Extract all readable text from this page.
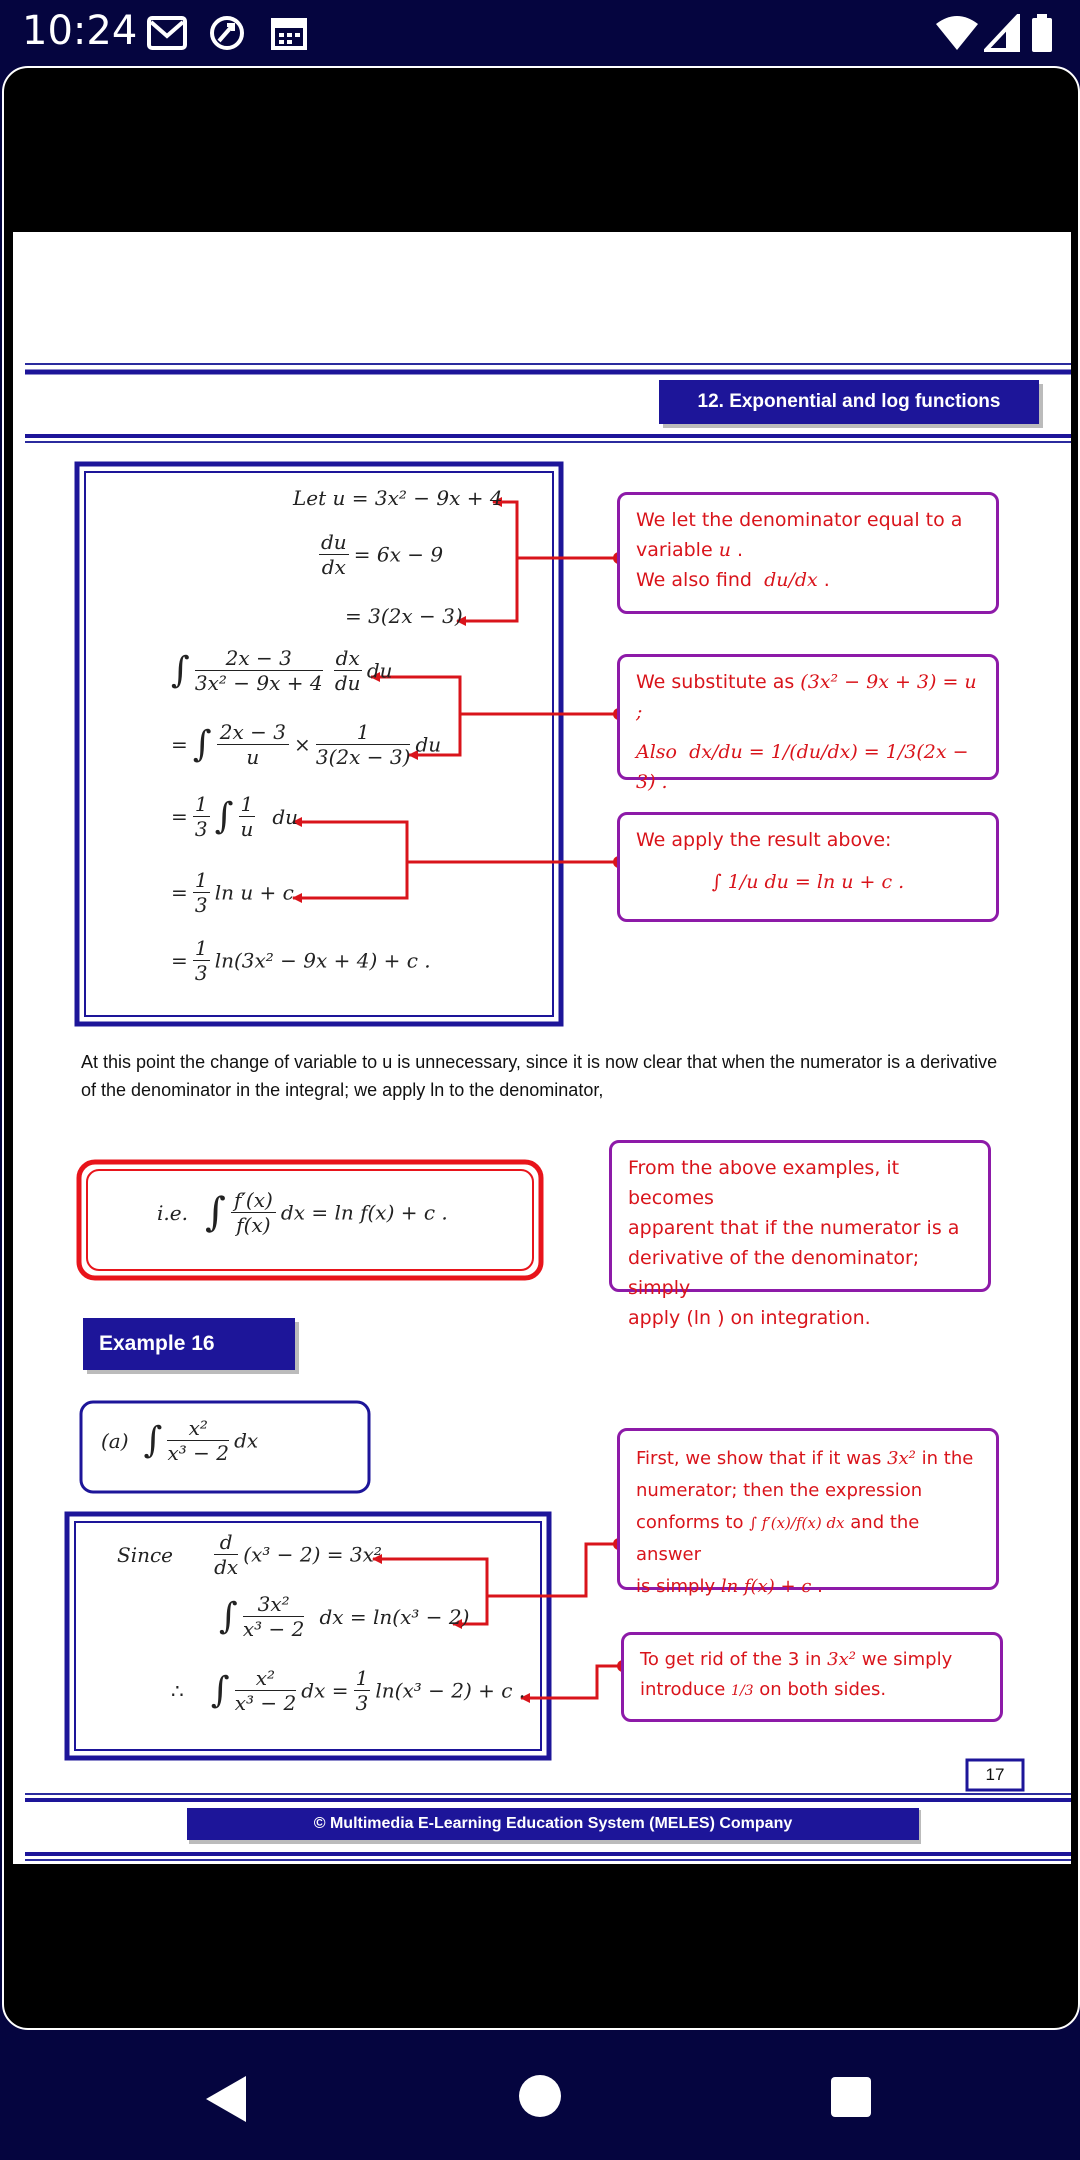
10:24
12. Exponential and log functions
Let u = 3x² − 9x + 4
$\frac{du}{dx} = 6x - 9$
= 3(2x − 3)
∫ $\frac{2x - 3}{\text{3x² − 9x + 4}}$
$\frac{dx}{du}$ du
= ∫ $\frac{2x - 3}{u} \times \frac{1}{3(2x - 3)}$ du
= $\frac{1}{3}$ ∫ $\frac{1}{u}$ du
= $\frac{1}{3}$ ln u + c
= $\frac{1}{3} \ln(3x^2 - 9x + 4) + c$ .
We let the denominator equal to a
variable u .
We also find du/dx .
We substitute as (3x² − 9x + 3) = u ;
Also dx/du = 1/(du/dx) = 1/3(2x − 3) .
We apply the result above:
∫ 1/u du = ln u + c .
At this point the change of variable to u is unnecessary, since it is now clear that when the numerator is a derivative of the denominator in the integral; we apply ln to the denominator,
i.e. ∫ $\frac{f'(x)}{f(x)}$ dx = ln f(x) + c .
From the above examples, it becomes
apparent that if the numerator is a
derivative of the denominator; simply
apply (ln ) on integration.
Example 16
(a) ∫ $\frac{\text{x²}}{\text{x³ − 2}}$ dx
Since $\frac{d}{dx} (x^3 - 2) = 3x^2$
∫ $\frac{\text{3x²}}{\text{x³ − 2}}$ dx = ln(x³ − 2)
∴ ∫ $\frac{\text{x²}}{\text{x³ − 2}}$ dx = $\frac{1}{3} \ln(x^3 - 2) + c$ .
First, we show that if it was 3x² in the
numerator; then the expression
conforms to ∫ f′(x)/f(x) dx and the answer
is simply ln f(x) + c .
To get rid of the 3 in 3x² we simply
introduce 1/3 on both sides.
17
© Multimedia E-Learning Education System (MELES) Company
